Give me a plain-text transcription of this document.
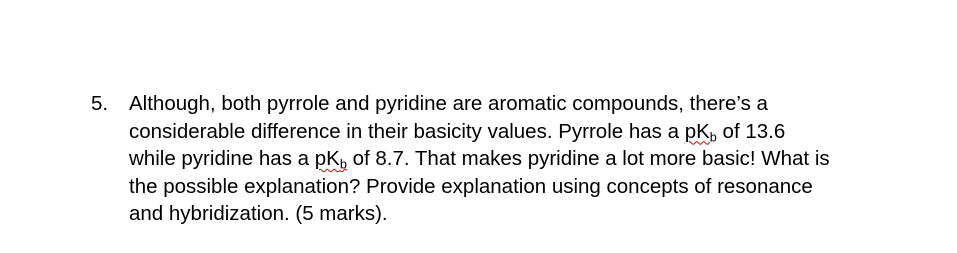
5.	Although, both pyrrole and pyridine are aromatic compounds, there’s a
considerable difference in their basicity values. Pyrrole has a $pK_b$ of 13.6
while pyridine has a $pK_b$ of 8.7. That makes pyridine a lot more basic! What is
the possible explanation? Provide explanation using concepts of resonance
and hybridization. (5 marks).
